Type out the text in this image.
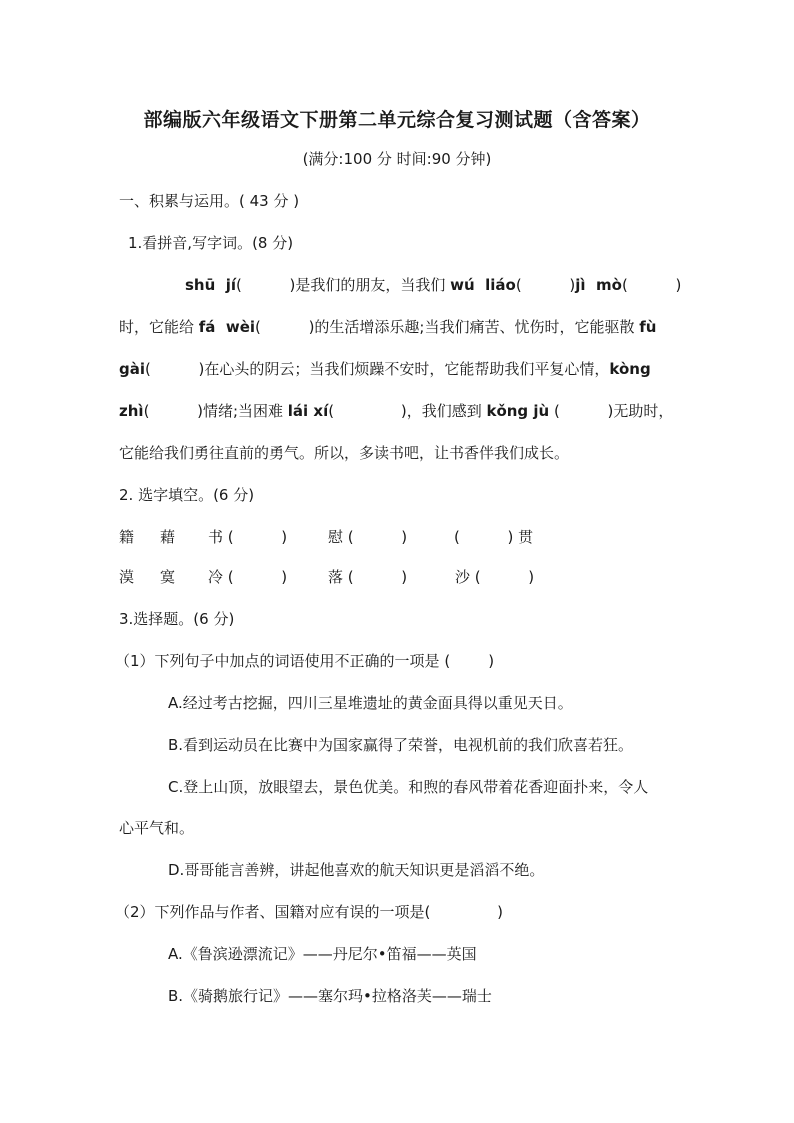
部编版六年级语文下册第二单元综合复习测试题（含答案）
(满分:100 分 时间:90 分钟)
一、积累与运用。( 43 分 )
1.看拼音,写字词。(8 分)
shū  jí(          )是我们的朋友，当我们 wú  liáo(          )jì  mò(          )
时，它能给 fá  wèi(          )的生活增添乐趣;当我们痛苦、忧伤时，它能驱散 fù
gài(          )在心头的阴云；当我们烦躁不安时，它能帮助我们平复心情，kòng
zhì(          )情绪;当困难 lái xí(              )，我们感到 kǒng jù (          )无助时，
它能给我们勇往直前的勇气。所以，多读书吧，让书香伴我们成长。
2. 选字填空。(6 分)
籍 藉 书 (          )	慰 (          )	(          ) 贯
漠 寞 冷 (          )	落 (          )	沙 (          )
3.选择题。(6 分)
（1）下列句子中加点的词语使用不正确的一项是 (        )
A.经过考古挖掘，四川三星堆遗址的黄金面具得以重见天日。
B.看到运动员在比赛中为国家赢得了荣誉，电视机前的我们欣喜若狂。
C.登上山顶，放眼望去，景色优美。和煦的春风带着花香迎面扑来，令人
心平气和。
D.哥哥能言善辨，讲起他喜欢的航天知识更是滔滔不绝。
（2）下列作品与作者、国籍对应有误的一项是(              )
A.《鲁滨逊漂流记》——丹尼尔•笛福——英国
B.《骑鹅旅行记》——塞尔玛•拉格洛芙——瑞士
